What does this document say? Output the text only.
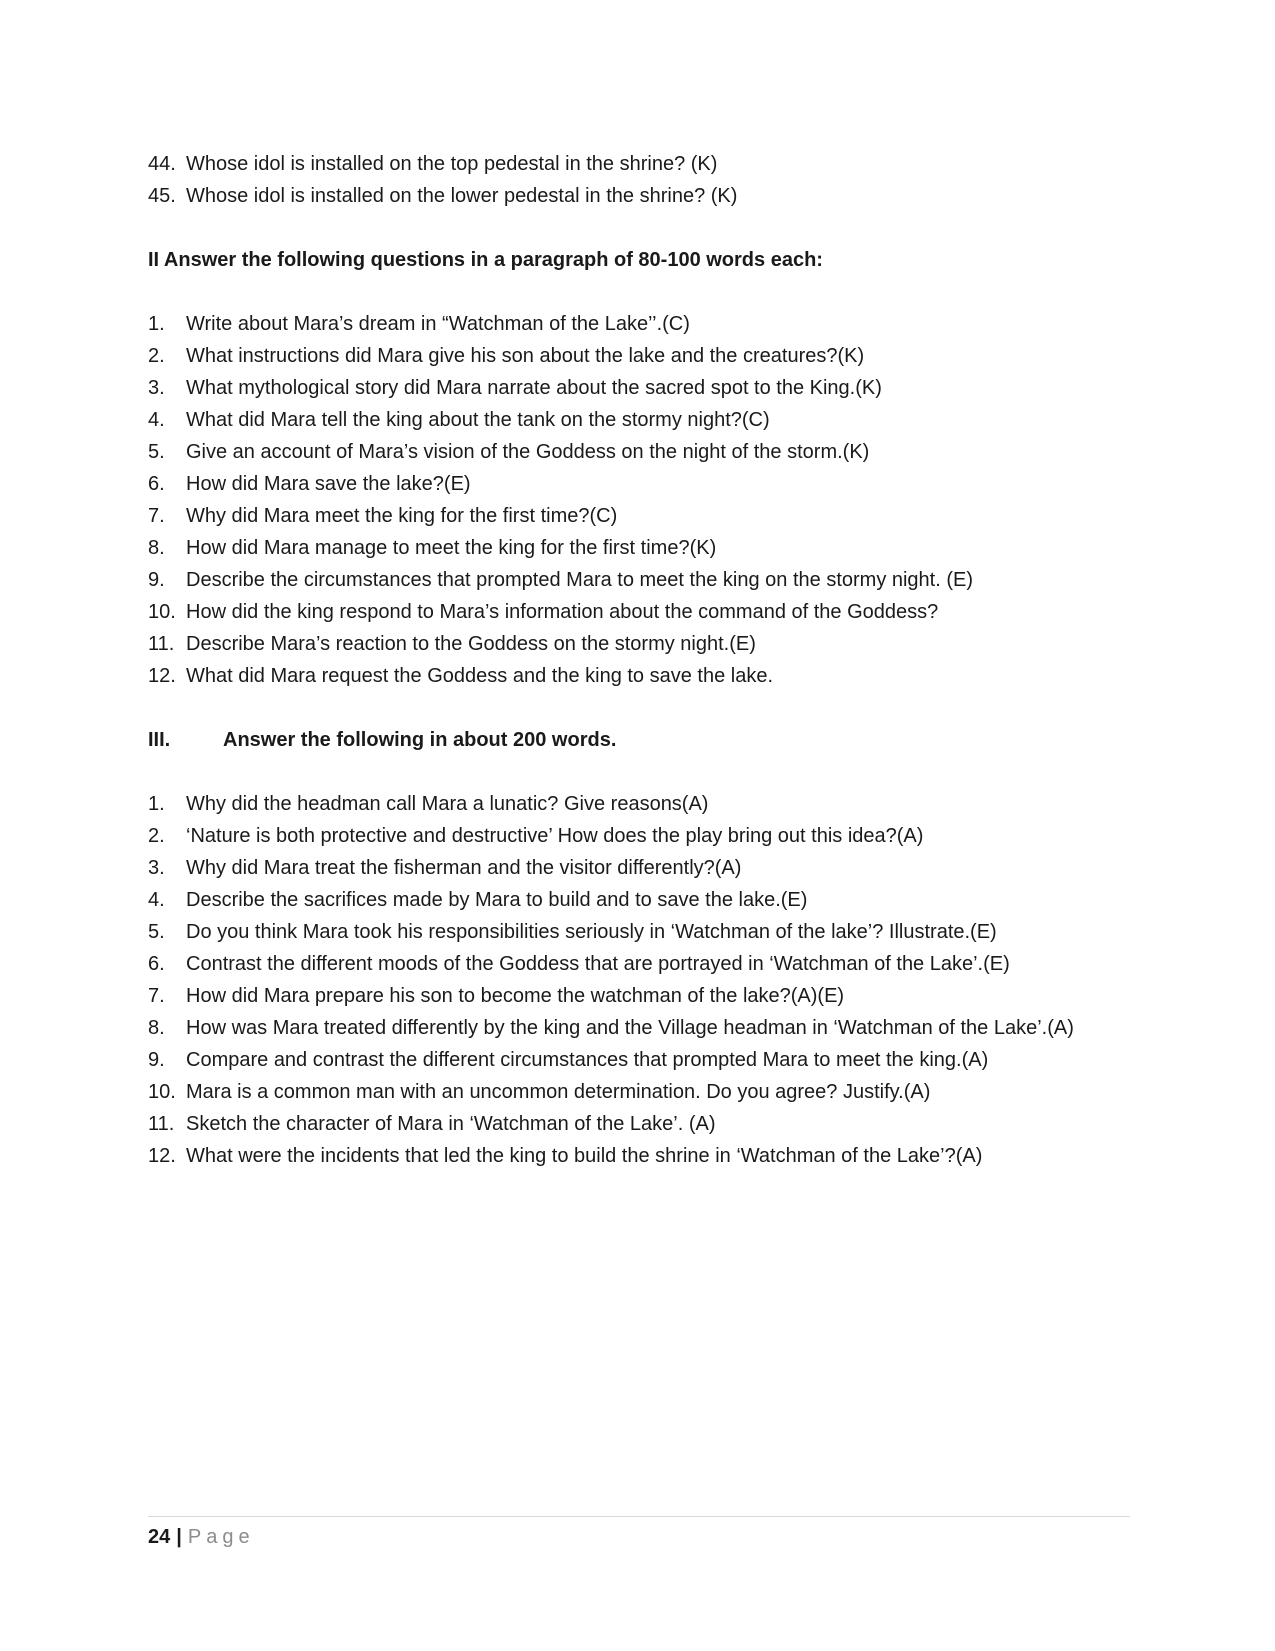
44. Whose idol is installed on the top pedestal in the shrine? (K)
45. Whose idol is installed on the lower pedestal in the shrine? (K)

II Answer the following questions in a paragraph of 80-100 words each:

1.	Write about Mara’s dream in “Watchman of the Lake’’.(C)
2.	What instructions did Mara give his son about the lake and the creatures?(K)
3.	What mythological story did Mara narrate about the sacred spot to the King.(K)
4.	What did Mara tell the king about the tank on the stormy night?(C)
5.	Give an account of Mara’s vision of the Goddess on the night of the storm.(K)
6.	How did Mara save the lake?(E)
7.	Why did Mara meet the king for the first time?(C)
8.	How did Mara manage to meet the king for the first time?(K)
9.	Describe the circumstances that prompted Mara to meet the king on the stormy night. (E)
10. How did the king respond to Mara’s information about the command of the Goddess?
11. Describe Mara’s reaction to the Goddess on the stormy night.(E)
12. What did Mara request the Goddess and the king to save the lake.

III.	Answer the following in about 200 words.

1.	Why did the headman call Mara a lunatic? Give reasons(A)
2.	‘Nature is both protective and destructive’ How does the play bring out this idea?(A)
3.	Why did Mara treat the fisherman and the visitor differently?(A)
4.	Describe the sacrifices made by Mara to build and to save the lake.(E)
5.	Do you think Mara took his responsibilities seriously in ‘Watchman of the lake’? Illustrate.(E)
6.	Contrast the different moods of the Goddess that are portrayed in ‘Watchman of the Lake’.(E)
7.	How did Mara prepare his son to become the watchman of the lake?(A)(E)
8.	How was Mara treated differently by the king and the Village headman in ‘Watchman of the Lake’.(A)
9.	Compare and contrast the different circumstances that prompted Mara to meet the king.(A)
10. Mara is a common man with an uncommon determination. Do you agree? Justify.(A)
11. Sketch the character of Mara in ‘Watchman of the Lake’. (A)
12. What were the incidents that led the king to build the shrine in ‘Watchman of the Lake’?(A)
24 | Page
